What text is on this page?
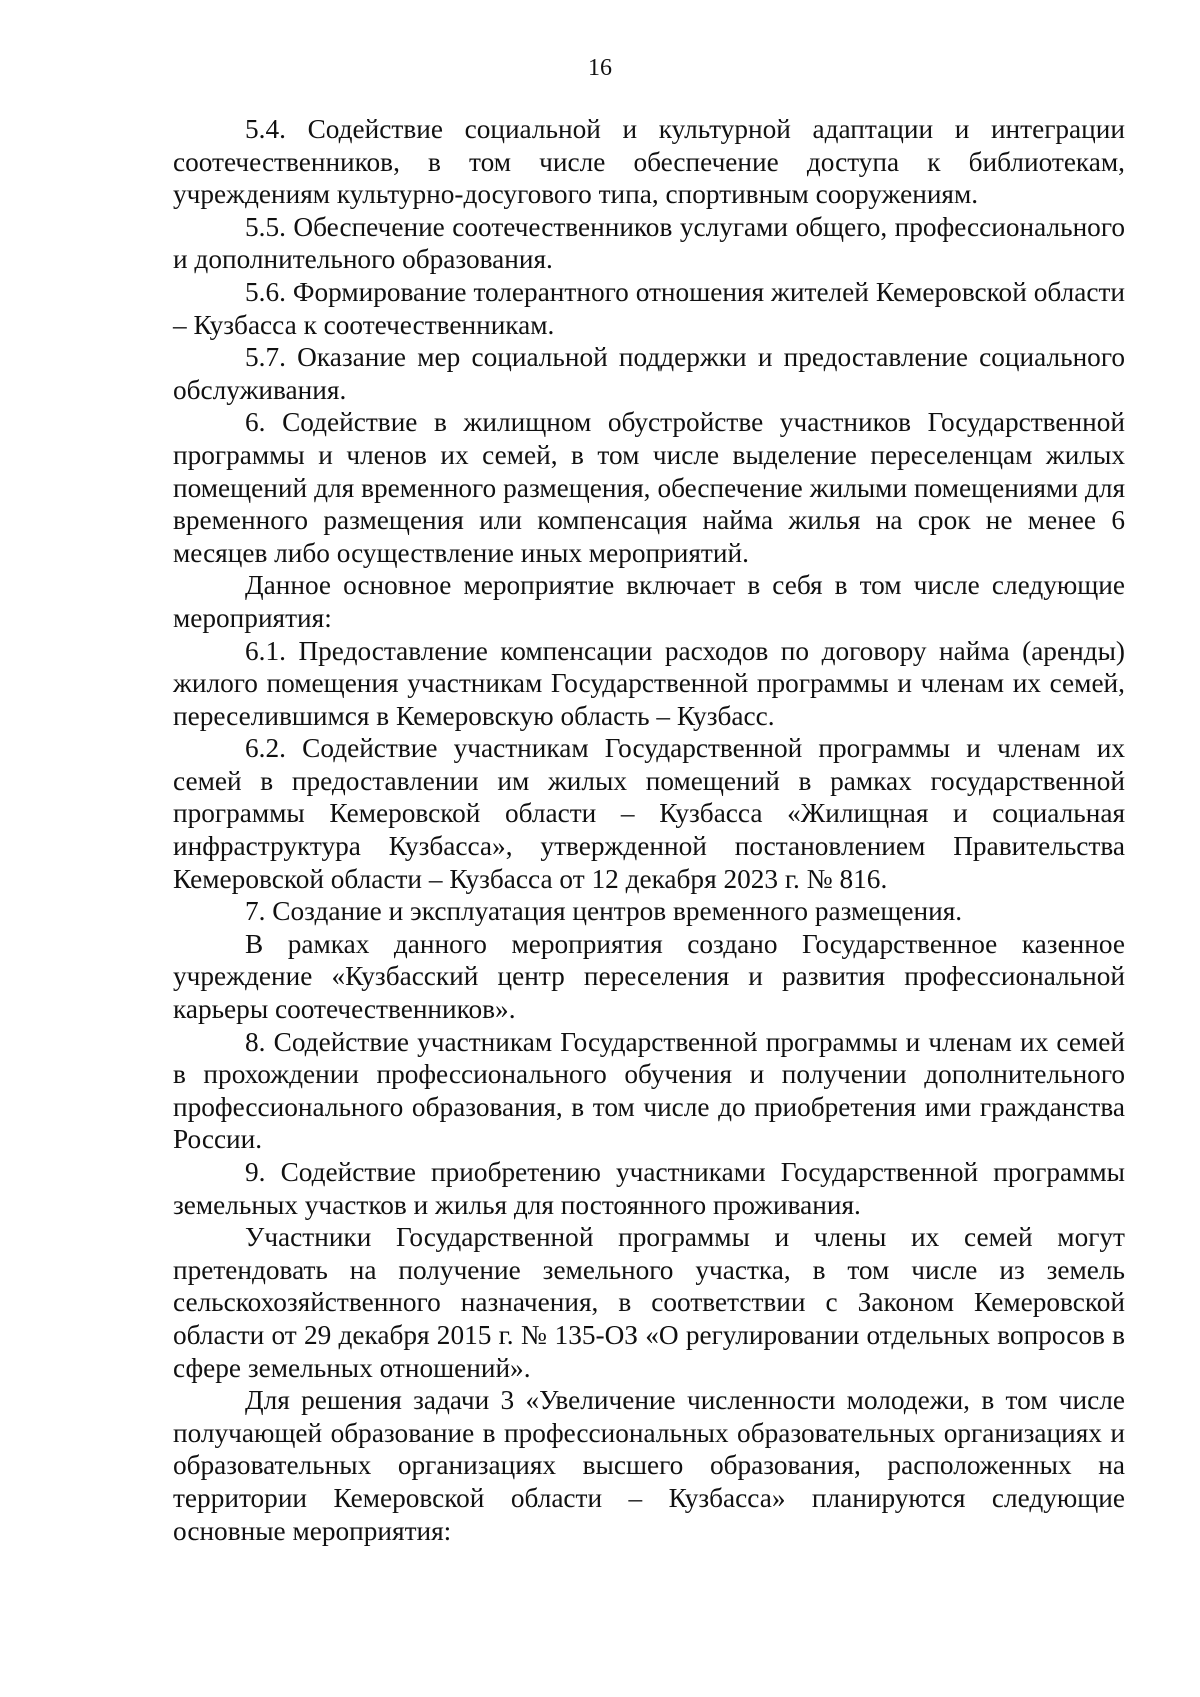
16

5.4. Содействие социальной и культурной адаптации и интеграции соотечественников, в том числе обеспечение доступа к библиотекам, учреждениям культурно-досугового типа, спортивным сооружениям.

5.5. Обеспечение соотечественников услугами общего, профессионального и дополнительного образования.

5.6. Формирование толерантного отношения жителей Кемеровской области – Кузбасса к соотечественникам.

5.7. Оказание мер социальной поддержки и предоставление социального обслуживания.

6. Содействие в жилищном обустройстве участников Государственной программы и членов их семей, в том числе выделение переселенцам жилых помещений для временного размещения, обеспечение жилыми помещениями для временного размещения или компенсация найма жилья на срок не менее 6 месяцев либо осуществление иных мероприятий.

Данное основное мероприятие включает в себя в том числе следующие мероприятия:

6.1. Предоставление компенсации расходов по договору найма (аренды) жилого помещения участникам Государственной программы и членам их семей, переселившимся в Кемеровскую область – Кузбасс.

6.2. Содействие участникам Государственной программы и членам их семей в предоставлении им жилых помещений в рамках государственной программы Кемеровской области – Кузбасса «Жилищная и социальная инфраструктура Кузбасса», утвержденной постановлением Правительства Кемеровской области – Кузбасса от 12 декабря 2023 г. № 816.

7. Создание и эксплуатация центров временного размещения.

В рамках данного мероприятия создано Государственное казенное учреждение «Кузбасский центр переселения и развития профессиональной карьеры соотечественников».

8. Содействие участникам Государственной программы и членам их семей в прохождении профессионального обучения и получении дополнительного профессионального образования, в том числе до приобретения ими гражданства России.

9. Содействие приобретению участниками Государственной программы земельных участков и жилья для постоянного проживания.

Участники Государственной программы и члены их семей могут претендовать на получение земельного участка, в том числе из земель сельскохозяйственного назначения, в соответствии с Законом Кемеровской области от 29 декабря 2015 г. № 135-ОЗ «О регулировании отдельных вопросов в сфере земельных отношений».

Для решения задачи 3 «Увеличение численности молодежи, в том числе получающей образование в профессиональных образовательных организациях и образовательных организациях высшего образования, расположенных на территории Кемеровской области – Кузбасса» планируются следующие основные мероприятия:
